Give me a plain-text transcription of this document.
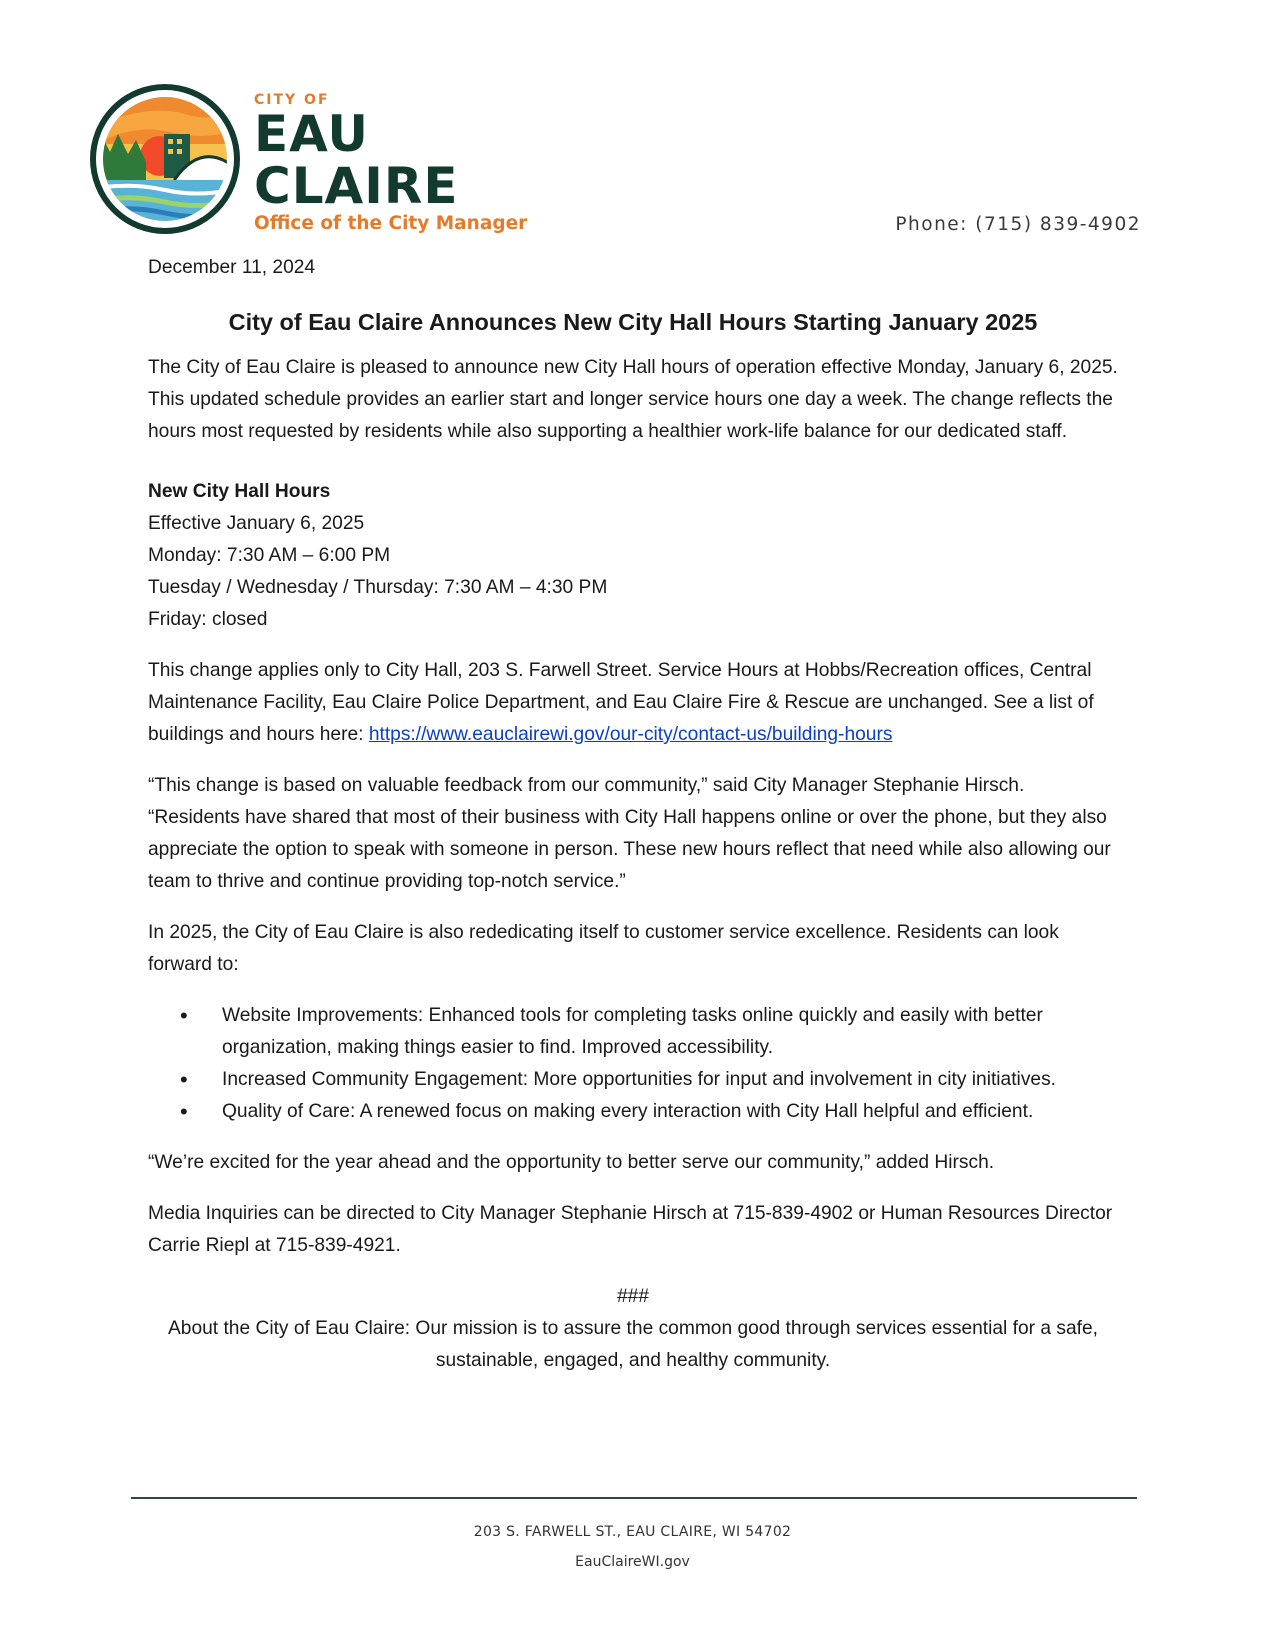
CITY OF
EAU
CLAIRE
Office of the City Manager	Phone: (715) 839-4902
December 11, 2024
City of Eau Claire Announces New City Hall Hours Starting January 2025

The City of Eau Claire is pleased to announce new City Hall hours of operation effective Monday, January 6, 2025. This updated schedule provides an earlier start and longer service hours one day a week. The change reflects the hours most requested by residents while also supporting a healthier work-life balance for our dedicated staff.

New City Hall Hours

Effective January 6, 2025

Monday: 7:30 AM – 6:00 PM

Tuesday / Wednesday / Thursday: 7:30 AM – 4:30 PM

Friday: closed

This change applies only to City Hall, 203 S. Farwell Street. Service Hours at Hobbs/Recreation offices, Central Maintenance Facility, Eau Claire Police Department, and Eau Claire Fire & Rescue are unchanged. See a list of buildings and hours here: https://www.eauclairewi.gov/our-city/contact-us/building-hours

“This change is based on valuable feedback from our community,” said City Manager Stephanie Hirsch. “Residents have shared that most of their business with City Hall happens online or over the phone, but they also appreciate the option to speak with someone in person. These new hours reflect that need while also allowing our team to thrive and continue providing top-notch service.”

In 2025, the City of Eau Claire is also rededicating itself to customer service excellence. Residents can look forward to:

• Website Improvements: Enhanced tools for completing tasks online quickly and easily with better organization, making things easier to find. Improved accessibility.
• Increased Community Engagement: More opportunities for input and involvement in city initiatives.
• Quality of Care: A renewed focus on making every interaction with City Hall helpful and efficient.

“We’re excited for the year ahead and the opportunity to better serve our community,” added Hirsch.

Media Inquiries can be directed to City Manager Stephanie Hirsch at 715-839-4902 or Human Resources Director Carrie Riepl at 715-839-4921.

###

About the City of Eau Claire: Our mission is to assure the common good through services essential for a safe, sustainable, engaged, and healthy community.

203 S. FARWELL ST., EAU CLAIRE, WI 54702
EauClaireWI.gov
